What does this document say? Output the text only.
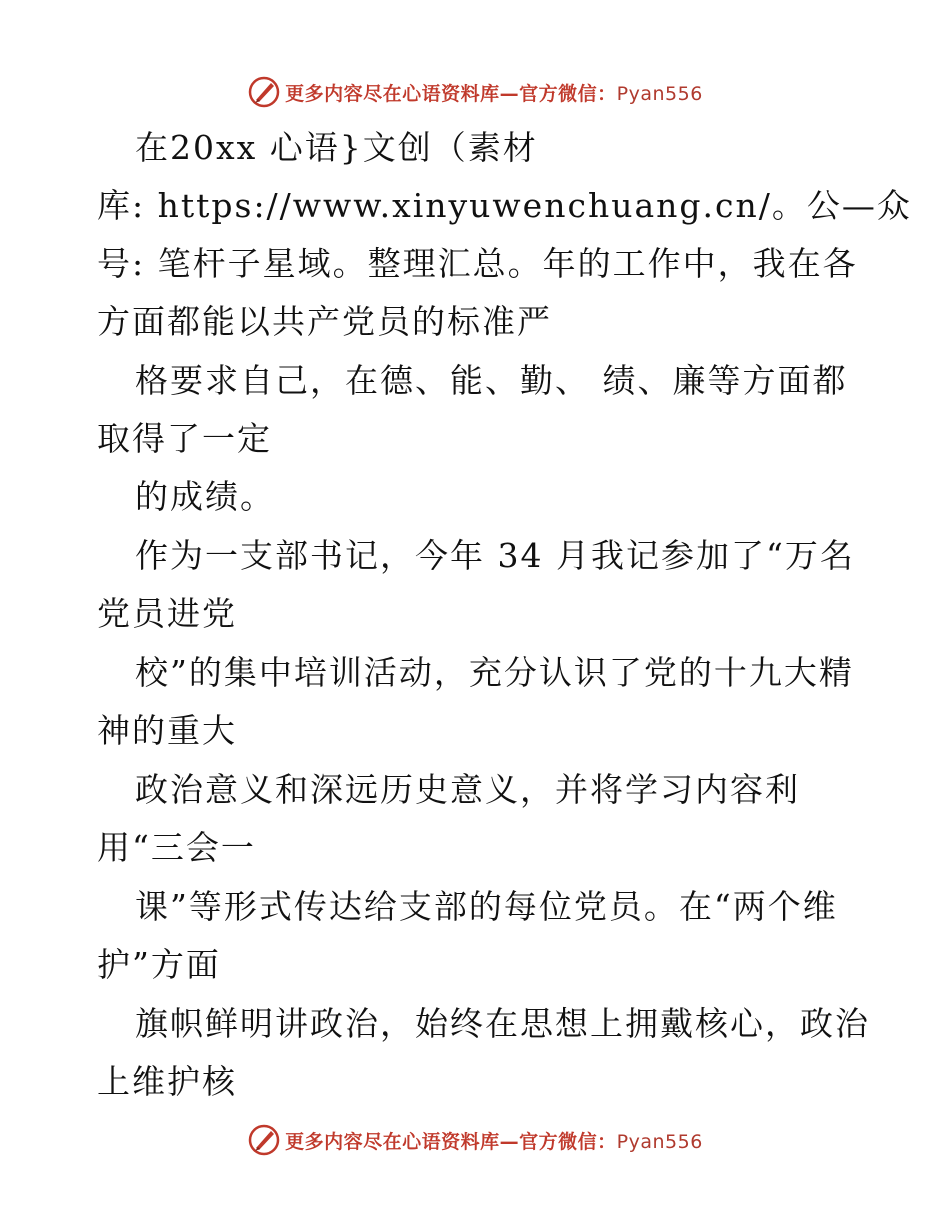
更多内容尽在心语资料库—官方微信：Pyan556
在20xx 心语}文创（素材
库: https://www.xinyuwenchuang.cn/。公—众
号: 笔杆子星域。整理汇总。年的工作中，我在各
方面都能以共产党员的标准严
格要求自己，在德、能、勤、 绩、廉等方面都
取得了一定
的成绩。
作为一支部书记，今年 34 月我记参加了“万名
党员进党
校”的集中培训活动，充分认识了党的十九大精
神的重大
政治意义和深远历史意义，并将学习内容利
用“三会一
课”等形式传达给支部的每位党员。在“两个维
护”方面
旗帜鲜明讲政治，始终在思想上拥戴核心，政治
上维护核
更多内容尽在心语资料库—官方微信：Pyan556
